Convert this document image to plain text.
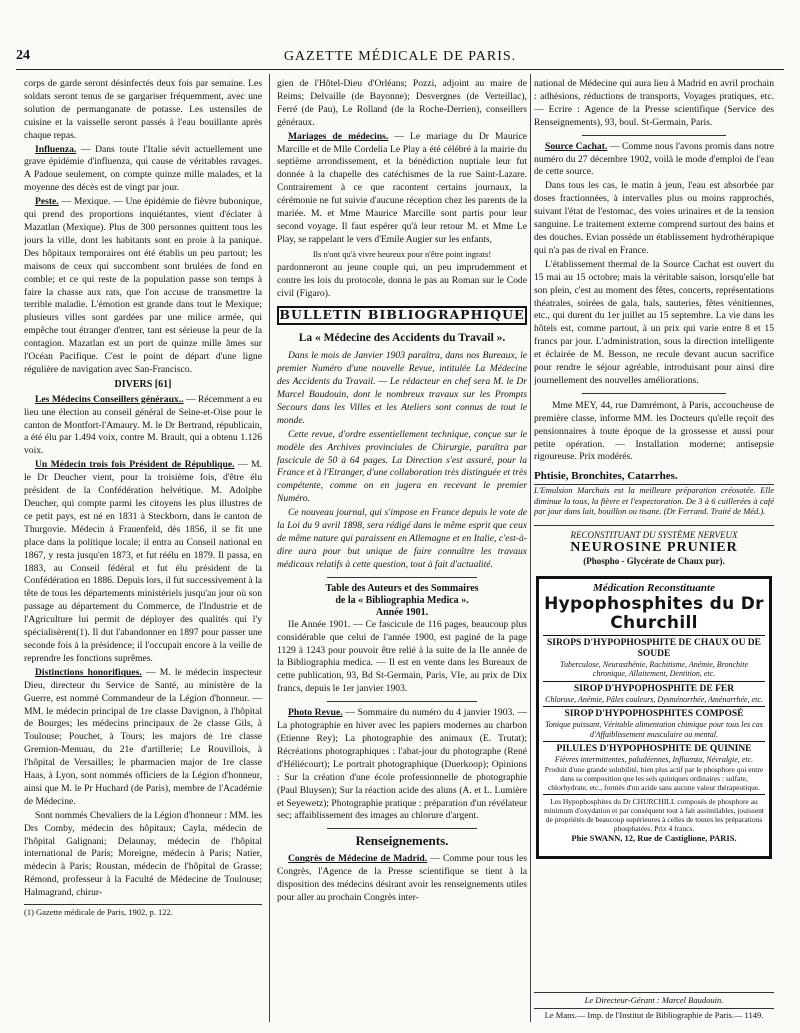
24	GAZETTE MÉDICALE DE PARIS.

corps de garde seront désinfectés deux fois par semaine. Les soldats seront tenus de se gargariser fréquemment, avec une solution de permanganate de potasse. Les ustensiles de cuisine et la vaisselle seront passés à l'eau bouillante après chaque repas.

Influenza. — Dans toute l'Italie sévit actuellement une grave épidémie d'influenza, qui cause de véritables ravages. A Padoue seulement, on compte quinze mille malades, et la moyenne des décès est de vingt par jour.

Peste. — Mexique. — Une épidémie de fièvre bubonique, qui prend des proportions inquiétantes, vient d'éclater à Mazatlan (Mexique). Plus de 300 personnes quittent tous les jours la ville, dont les habitants sont en proie à la panique. Des hôpitaux temporaires ont été établis un peu partout; les maisons de ceux qui succombent sont brulées de fond en comble; et ce qui reste de la population passe son temps à faire la chasse aux rats, que l'on accuse de transmettre la terrible maladie. L'émotion est grande dans tout le Mexique; plusieurs villes sont gardées par une milice armée, qui empêche tout étranger d'entrer, tant est sérieuse la peur de la contagion. Mazatlan est un port de quinze mille âmes sur l'Océan Pacifique. C'est le point de départ d'une ligne régulière de navigation avec San-Francisco.

DIVERS [61]

Les Médecins Conseillers généraux.. — Récemment a eu lieu une élection au conseil général de Seine-et-Oise pour le canton de Montfort-l'Amaury. M. le Dr Bertrand, républicain, a été élu par 1.494 voix, contre M. Brault, qui a obtenu 1.126 voix.

Un Médecin trois fois Président de République. — M. le Dr Deucher vient, pour la troisième fois, d'être élu président de la Confédération helvétique. M. Adolphe Deucher, qui compte parmi les citoyens les plus illustres de ce petit pays, est né en 1831 à Steckborn, dans le canton de Thurgovie. Médecin à Frauenfeld, dès 1856, il se fit une place dans la politique locale; il entra au Conseil national en 1867, y resta jusqu'en 1873, et fut réélu en 1879. Il passa, en 1883, au Conseil fédéral et fut élu président de la Confédération en 1886. Depuis lors, il fut successivement à la tête de tous les départements ministériels jusqu'au jour où son passage au département du Commerce, de l'Industrie et de l'Agriculture lui permit de déployer des qualités qui l'y spécialisèrent(1). Il dut l'abandonner en 1897 pour passer une seconde fois à la présidence; il l'occupait encore à la veille de reprendre les fonctions suprêmes.

Distinctions honorifiques. — M. le médecin inspecteur Dieu, directeur du Service de Santé, au ministère de la Guerre, est nommé Commandeur de la Légion d'honneur. — MM. le médecin principal de 1re classe Davignon, à l'hôpital de Bourges; les médecins principaux de 2e classe Gils, à Toulouse; Pouchet, à Tours; les majors de 1re classe Gremion-Menuau, du 21e d'artillerie; Le Rouvillois, à l'hôpital de Versailles; le pharmacien major de 1re classe Haas, à Lyon, sont nommés officiers de la Légion d'honneur, ainsi que M. le Pr Huchard (de Paris), membre de l'Académie de Médecine.

Sont nommés Chevaliers de la Légion d'honneur : MM. les Drs Comby, médecin des hôpitaux; Cayla, médecin de l'hôpital Galignani; Delaunay, médecin de l'hôpital international de Paris; Moreigne, médecin à Paris; Natier, médecin à Paris; Roustan, médecin de l'hôpital de Grasse; Rémond, professeur à la Faculté de Médecine de Toulouse; Halmagrand, chirur-

(1) Gazette médicale de Paris, 1902, p. 122.

gien de l'Hôtel-Dieu d'Orléans; Pozzi, adjoint au maire de Reims; Delvaille (de Bayonne); Desvergnes (de Verteillac), Ferré (de Pau), Le Rolland (de la Roche-Derrien), conseillers généraux.

Mariages de médecins. — Le mariage du Dr Maurice Marcille et de Mlle Cordelia Le Play a été célébré à la mairie du septième arrondissement, et la bénédiction nuptiale leur fut donnée à la chapelle des catéchismes de la rue Saint-Lazare. Contrairement à ce que racontent certains journaux, la cérémonie ne fut suivie d'aucune réception chez les parents de la mariée. M. et Mme Maurice Marcille sont partis pour leur second voyage. Il faut espérer qu'à leur retour M. et Mme Le Play, se rappelant le vers d'Emile Augier sur les enfants,

Ils n'ont qu'à vivre heureux pour n'être point ingrats!

pardonneront au jeune couple qui, un peu imprudemment et contre les lois du protocole, donna le pas au Roman sur le Code civil (Figaro).

BULLETIN BIBLIOGRAPHIQUE
La « Médecine des Accidents du Travail ».

Dans le mois de Janvier 1903 paraîtra, dans nos Bureaux, le premier Numéro d'une nouvelle Revue, intitulée La Médecine des Accidents du Travail. — Le rédacteur en chef sera M. le Dr Marcel Baudouin, dont le nombreux travaux sur les Prompts Secours dans les Villes et les Ateliers sont connus de tout le monde.

Cette revue, d'ordre essentiellement technique, conçue sur le modèle des Archives provinciales de Chirurgie, paraîtra par fascicule de 50 à 64 pages. La Direction s'est assuré, pour la France et à l'Etranger, d'une collaboration très distinguée et très compétente, comme on en jugera en recevant le premier Numéro.

Ce nouveau journal, qui s'impose en France depuis le vote de la Loi du 9 avril 1898, sera rédigé dans le même esprit que ceux de même nature qui paraissent en Allemagne et en Italie, c'est-à-dire aura pour but unique de faire connaître les travaux médicaux relatifs à cette question, tout à fait d'actualité.

Table des Auteurs et des Sommaires
de la « Bibliographia Medica ».
Année 1901.

IIe Année 1901. — Ce fascicule de 116 pages, beaucoup plus considérable que celui de l'année 1900, est paginé de la page 1129 à 1243 pour pouvoir être relié à la suite de la IIe année de la Bibliographia medica. — Il est en vente dans les Bureaux de cette publication, 93, Bd St-Germain, Paris, VIe, au prix de Dix francs, depuis le 1er janvier 1903.

Photo Revue. — Sommaire du numéro du 4 janvier 1903. — La photographie en hiver avec les papiers modernes au charbon (Etienne Rey); La photographie des animaux (E. Trutat); Récréations photographiques : l'abat-jour du photographe (René d'Héliécourt); Le portrait photographique (Duerkoop); Opinions : Sur la création d'une école professionnelle de photographie (Paul Bluysen); Sur la réaction acide des aluns (A. et L. Lumière et Seyewetz); Photographie pratique : préparation d'un révélateur sec; affaiblissement des images au chlorure d'argent.

Renseignements.

Congrès de Médecine de Madrid. — Comme pour tous les Congrès, l'Agence de la Presse scientifique se tient à la disposition des médecins désirant avoir les renseignements utiles pour aller au prochain Congrès inter-

national de Médecine qui aura lieu à Madrid en avril prochain : adhésions, réductions de transports, Voyages pratiques, etc. — Ecrire : Agence de la Presse scientifique (Service des Renseignements), 93, boul. St-Germain, Paris.

Source Cachat. — Comme nous l'avons promis dans notre numéro du 27 décembre 1902, voilà le mode d'emploi de l'eau de cette source.

Dans tous les cas, le matin à jeun, l'eau est absorbée par doses fractionnées, à intervalles plus ou moins rapprochés, suivant l'état de l'estomac, des voies urinaires et de la tension sanguine. Le traitement externe comprend surtout des bains et des douches. Evian possède un établissement hydrothérapique qui n'a pas de rival en France.

L'établissement thermal de la Source Cachat est ouvert du 15 mai au 15 octobre; mais la véritable saison, lorsqu'elle bat son plein, c'est au moment des fêtes, concerts, représentations théatrales, soirées de gala, bals, sauteries, fêtes vénitiennes, etc., qui durent du 1er juillet au 15 septembre. La vie dans les hôtels est, comme partout, à un prix qui varie entre 8 et 15 francs par jour. L'administration, sous la direction intelligente et éclairée de M. Besson, ne recule devant aucun sacrifice pour rendre le séjour agréable, introduisant pour ainsi dire journellement des nouvelles améliorations.

Mme MEY, 44, rue Damrémont, à Paris, accoucheuse de première classe, informe MM. les Docteurs qu'elle reçoit des pensionnaires à toute époque de la grossesse et aussi pour petite opération. — Installation moderne; antisepsie rigoureuse. Prix modérés.

Phtisie, Bronchites, Catarrhes.

L'Emulsion Marchais est la meilleure préparation créosotée. Elle diminue la toux, la fièvre et l'expectoration. De 3 à 6 cuillerées à café par jour dans lait, bouillon ou tisane. (Dr Ferrand. Traité de Méd.).

RECONSTITUANT DU SYSTÈME NERVEUX
NEUROSINE PRUNIER
(Phospho - Glycérate de Chaux pur).
Médication Reconstituante
Hypophosphites du Dr Churchill
SIROPS D'HYPOPHOSPHITE DE CHAUX OU DE SOUDE
Tuberculose, Neurasthénie, Rachitisme, Anémie, Bronchite chronique, Allaitement, Dentition, etc.
SIROP D'HYPOPHOSPHITE DE FER
Chlorose, Anémie, Pâles couleurs, Dysménorrhée, Aménorrhée, etc.
SIROP D'HYPOPHOSPHITES COMPOSÉ
Tonique puissant, Véritable alimentation chimique pour tous les cas d'Affaiblissement musculaire ou mental.
PILULES D'HYPOPHOSPHITE DE QUININE
Fièvres intermittentes, paludéennes, Influenza, Névralgie, etc.
Produit d'une grande solubilité, bien plus actif par le phosphore qui entre dans sa composition que les sels quiniques ordinaires : sulfate, chlorhydrate, etc., formés d'un acide sans aucune valeur thérapeutique.
Les Hypophosphites du Dr CHURCHILL composés de phosphore au minimum d'oxydation et par conséquent tout à fait assimilables, jouissent de propriétés de beaucoup supérieures à celles de toutes les préparations phosphatées. Prix 4 francs.
Phie SWANN, 12, Rue de Castiglione, PARIS.
Le Directeur-Gérant : Marcel Baudouin.
Le Mans.— Imp. de l'Institut de Bibliographie de Paris.— 1149.
